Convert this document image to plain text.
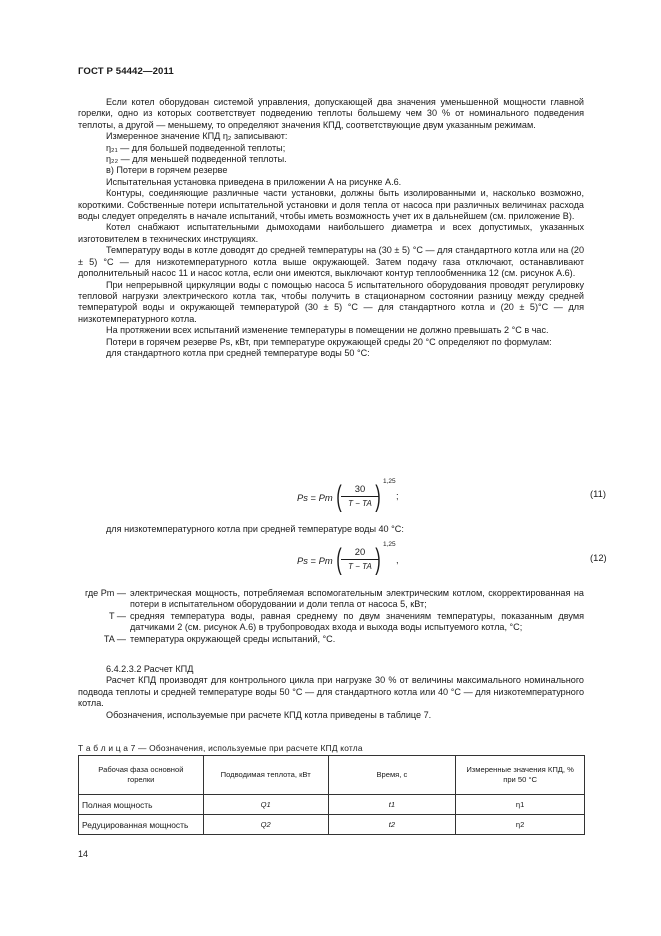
ГОСТ Р 54442—2011
Если котел оборудован системой управления, допускающей два значения уменьшенной мощности главной горелки, одно из которых соответствует подведению теплоты большему чем 30 % от номинального подведения теплоты, а другой — меньшему, то определяют значения КПД, соответствующие двум указанным режимам.
Измеренное значение КПД η₂ записывают:
η₂₁ — для большей подведенной теплоты;
η₂₂ — для меньшей подведенной теплоты.
в) Потери в горячем резерве
Испытательная установка приведена в приложении А на рисунке А.6.
Контуры, соединяющие различные части установки, должны быть изолированными и, насколько возможно, короткими. Собственные потери испытательной установки и доля тепла от насоса при различных величинах расхода воды следует определять в начале испытаний, чтобы иметь возможность учет их в дальнейшем (см. приложение В).
Котел снабжают испытательными дымоходами наибольшего диаметра и всех допустимых, указанных изготовителем в технических инструкциях.
Температуру воды в котле доводят до средней температуры на (30 ± 5) °С — для стандартного котла или на (20 ± 5) °С — для низкотемпературного котла выше окружающей. Затем подачу газа отключают, останавливают дополнительный насос 11 и насос котла, если они имеются, выключают контур теплообменника 12 (см. рисунок А.6).
При непрерывной циркуляции воды с помощью насоса 5 испытательного оборудования проводят регулировку тепловой нагрузки электрического котла так, чтобы получить в стационарном состоянии разницу между средней температурой воды и окружающей температурой (30 ± 5) °С — для стандартного котла и (20 ± 5)°С — для низкотемпературного котла.
На протяжении всех испытаний изменение температуры в помещении не должно превышать 2 °С в час.
Потери в горячем резерве Ps, кВт, при температуре окружающей среды 20 °С определяют по формулам:
для стандартного котла при средней температуре воды 50 °С:
Ps = Pm (	30
T − TA ) 1,25
;	(11)
для низкотемпературного котла при средней температуре воды 40 °С:
Ps = Pm (	20
T − TA ) 1,25
,	(12)
где Pm — электрическая мощность, потребляемая вспомогательным электрическим котлом, скорректированная на потери в испытательном оборудовании и доли тепла от насоса 5, кВт;
T — средняя температура воды, равная среднему по двум значениям температуры, показанным двумя датчиками 2 (см. рисунок А.6) в трубопроводах входа и выхода воды испытуемого котла, °С;
TA — температура окружающей среды испытаний, °С.
6.4.2.3.2 Расчет КПД
Расчет КПД производят для контрольного цикла при нагрузке 30 % от величины максимального номинального подвода теплоты и средней температуре воды 50 °С — для стандартного котла или 40 °С — для низкотемпературного котла.
Обозначения, используемые при расчете КПД котла приведены в таблице 7.
Т а б л и ц а 7 — Обозначения, используемые при расчете КПД котла
Рабочая фаза основной горелки	Подводимая теплота, кВт	Время, с	Измеренные значения КПД, % при 50 °С
Полная мощность	Q1	t1	η1
Редуцированная мощность	Q2	t2	η2
14
